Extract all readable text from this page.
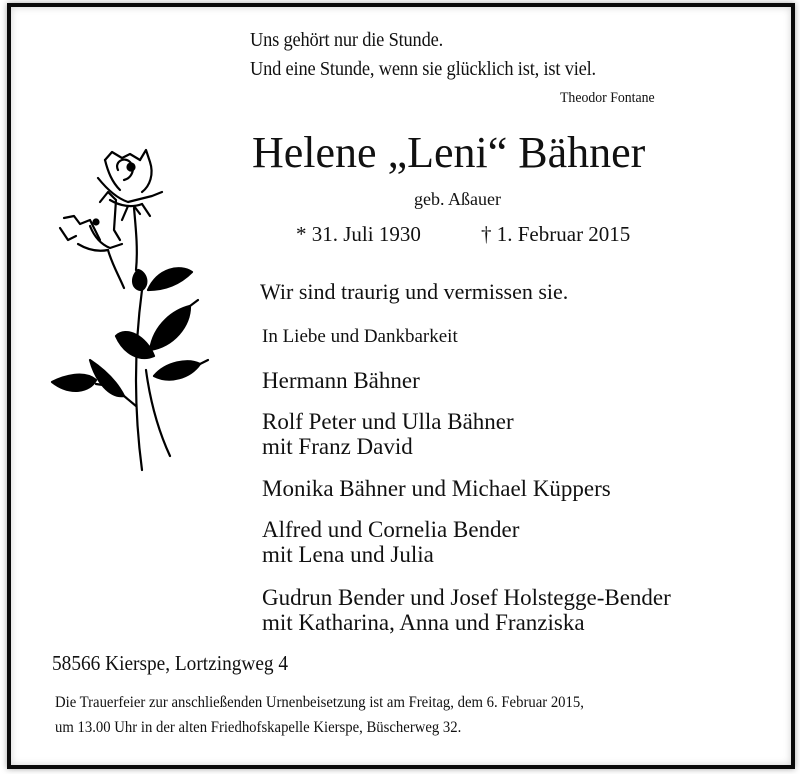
Uns gehört nur die Stunde.
Und eine Stunde, wenn sie glücklich ist, ist viel.
Theodor Fontane
Helene „Leni“ Bähner
geb. Aßauer
* 31. Juli 1930	† 1. Februar 2015
Wir sind traurig und vermissen sie.
In Liebe und Dankbarkeit
Hermann Bähner
Rolf Peter und Ulla Bähner
mit Franz David
Monika Bähner und Michael Küppers
Alfred und Cornelia Bender
mit Lena und Julia
Gudrun Bender und Josef Holstegge-Bender
mit Katharina, Anna und Franziska
58566 Kierspe, Lortzingweg 4
Die Trauerfeier zur anschließenden Urnenbeisetzung ist am Freitag, dem 6. Februar 2015,
um 13.00 Uhr in der alten Friedhofskapelle Kierspe, Büscherweg 32.
